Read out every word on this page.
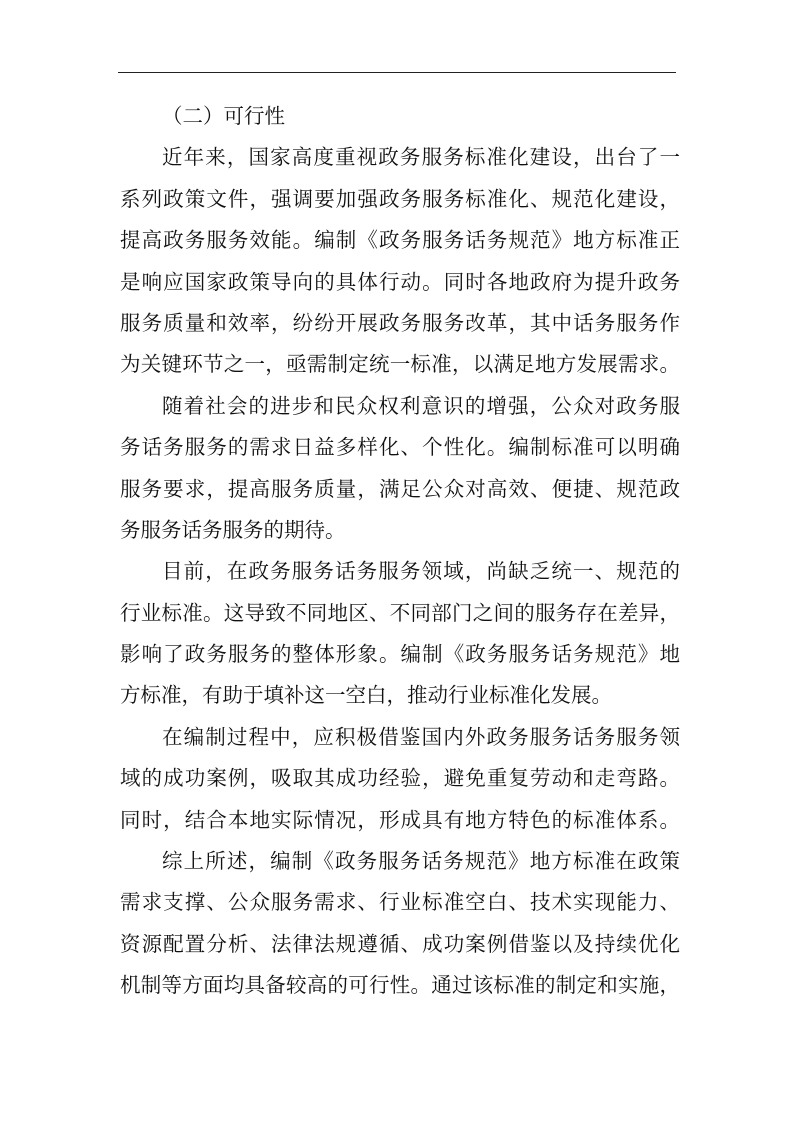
（二）可行性
近年来，国家高度重视政务服务标准化建设，出台了一
系列政策文件，强调要加强政务服务标准化、规范化建设，
提高政务服务效能。编制《政务服务话务规范》地方标准正
是响应国家政策导向的具体行动。同时各地政府为提升政务
服务质量和效率，纷纷开展政务服务改革，其中话务服务作
为关键环节之一，亟需制定统一标准，以满足地方发展需求。
随着社会的进步和民众权利意识的增强，公众对政务服
务话务服务的需求日益多样化、个性化。编制标准可以明确
服务要求，提高服务质量，满足公众对高效、便捷、规范政
务服务话务服务的期待。
目前，在政务服务话务服务领域，尚缺乏统一、规范的
行业标准。这导致不同地区、不同部门之间的服务存在差异，
影响了政务服务的整体形象。编制《政务服务话务规范》地
方标准，有助于填补这一空白，推动行业标准化发展。
在编制过程中，应积极借鉴国内外政务服务话务服务领
域的成功案例，吸取其成功经验，避免重复劳动和走弯路。
同时，结合本地实际情况，形成具有地方特色的标准体系。
综上所述，编制《政务服务话务规范》地方标准在政策
需求支撑、公众服务需求、行业标准空白、技术实现能力、
资源配置分析、法律法规遵循、成功案例借鉴以及持续优化
机制等方面均具备较高的可行性。通过该标准的制定和实施，
